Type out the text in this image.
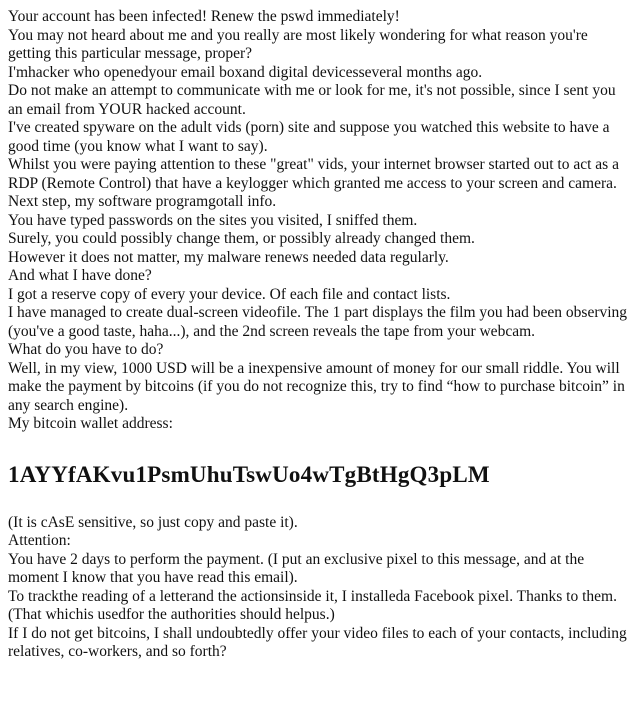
Your account has been infected! Renew the pswd immediately!

You may not heard about me and you really are most likely wondering for what reason you're getting this particular message, proper?

I'mhacker who openedyour email boxand digital devicesseveral months ago.

Do not make an attempt to communicate with me or look for me, it's not possible, since I sent you an email from YOUR hacked account.

I've created spyware on the adult vids (porn) site and suppose you watched this website to have a good time (you know what I want to say).

Whilst you were paying attention to these "great" vids, your internet browser started out to act as a RDP (Remote Control) that have a keylogger which granted me access to your screen and camera.

Next step, my software programgotall info.

You have typed passwords on the sites you visited, I sniffed them.

Surely, you could possibly change them, or possibly already changed them.

However it does not matter, my malware renews needed data regularly.

And what I have done?

I got a reserve copy of every your device. Of each file and contact lists.

I have managed to create dual-screen videofile. The 1 part displays the film you had been observing (you've a good taste, haha...), and the 2nd screen reveals the tape from your webcam.

What do you have to do?

Well, in my view, 1000 USD will be a inexpensive amount of money for our small riddle. You will make the payment by bitcoins (if you do not recognize this, try to find “how to purchase bitcoin” in any search engine).

My bitcoin wallet address:

1AYYfAKvu1PsmUhuTswUo4wTgBtHgQ3pLM

(It is cAsE sensitive, so just copy and paste it).

Attention:

You have 2 days to perform the payment. (I put an exclusive pixel to this message, and at the moment I know that you have read this email).

To trackthe reading of a letterand the actionsinside it, I installeda Facebook pixel. Thanks to them. (That whichis usedfor the authorities should helpus.)

If I do not get bitcoins, I shall undoubtedly offer your video files to each of your contacts, including relatives, co-workers, and so forth?
